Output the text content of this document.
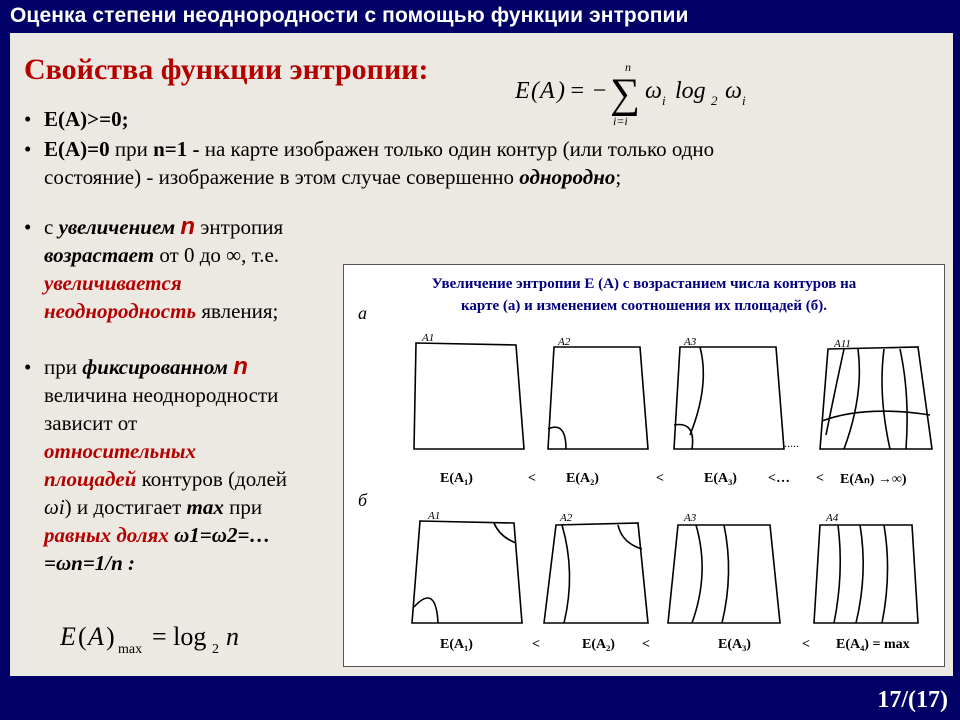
Оценка степени неоднородности с помощью функции энтропии
Свойства функции энтропии:
E ( A ) = − ∑
n
i=i
ω i log 2 ω i
• E(A)>=0;
• E(A)=0 при n=1 - на карте изображен только один контур (или только одно
состояние) - изображение в этом случае совершенно однородно;
• с увеличением n энтропия
возрастает от 0 до ∞, т.е.
увеличивается
неоднородность явления;
• при фиксированном n
величина неоднородности
зависит от
относительных
площадей контуров (долей
ωi) и достигает max при
равных долях ω1=ω2=…
=ωn=1/n :
E ( A ) max = log 2 n
Увеличение энтропии E (A) с возрастанием числа контуров на
карте (а) и изменением соотношения их площадей (б).
а
б
A1	A2	A3	A11
.....
E(A₁)	< E(A₂)	<	E(A₃) <… < E(Aₙ) →∞)
A1	A2	A3	A4
E(A₁)	<	E(A₂) <	E(A₃)	< E(A₄) = max
17/(17)
